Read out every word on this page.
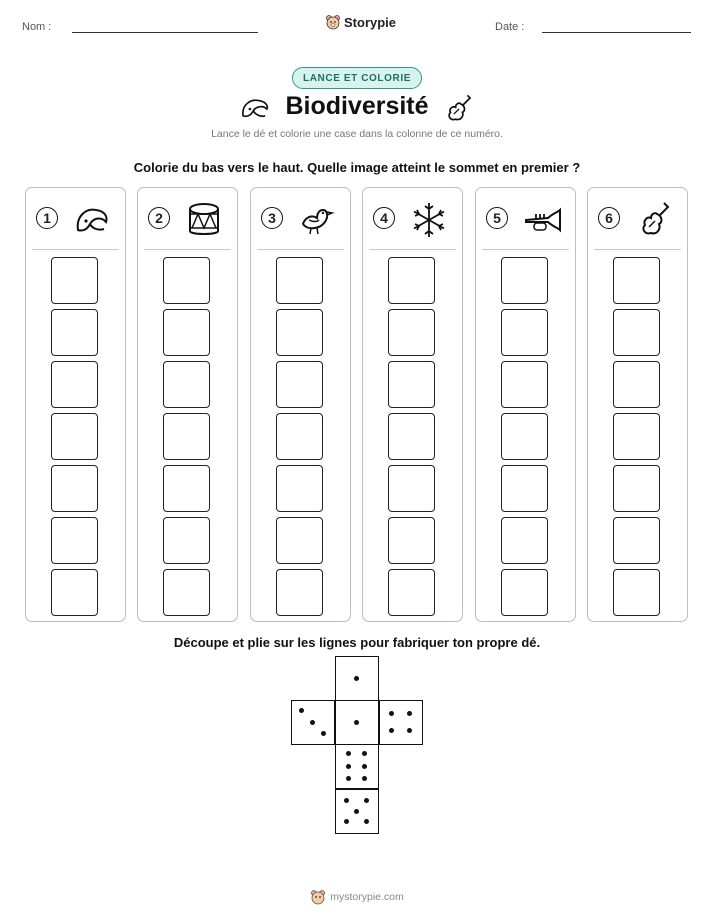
Nom :	Storypie	Date :
LANCE ET COLORIE
Biodiversité
Lance le dé et colorie une case dans la colonne de ce numéro.
Colorie du bas vers le haut. Quelle image atteint le sommet en premier ?
1	2	3	4	5	6
Découpe et plie sur les lignes pour fabriquer ton propre dé.
mystorypie.com
